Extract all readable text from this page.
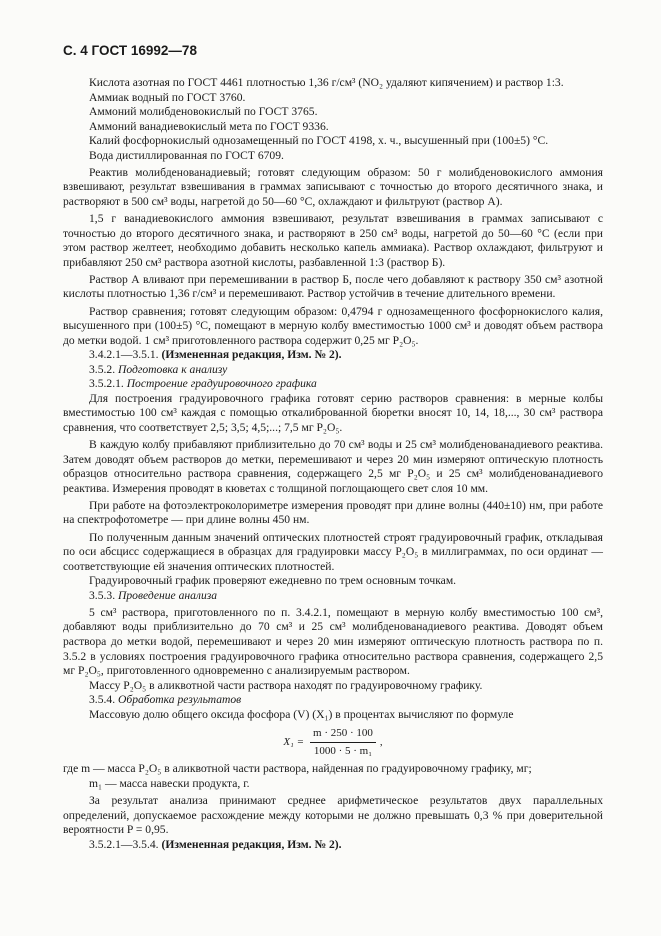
С. 4 ГОСТ 16992—78

Кислота азотная по ГОСТ 4461 плотностью 1,36 г/см³ (NO₂ удаляют кипячением) и раствор 1:3.

Аммиак водный по ГОСТ 3760.

Аммоний молибденовокислый по ГОСТ 3765.

Аммоний ванадиевокислый мета по ГОСТ 9336.

Калий фосфорнокислый однозамещенный по ГОСТ 4198, х. ч., высушенный при (100±5) °С.

Вода дистиллированная по ГОСТ 6709.

Реактив молибденованадиевый; готовят следующим образом: 50 г молибденовокислого аммония взвешивают, результат взвешивания в граммах записывают с точностью до второго десятичного знака, и растворяют в 500 см³ воды, нагретой до 50—60 °С, охлаждают и фильтруют (раствор А).

1,5 г ванадиевокислого аммония взвешивают, результат взвешивания в граммах записывают с точностью до второго десятичного знака, и растворяют в 250 см³ воды, нагретой до 50—60 °С (если при этом раствор желтеет, необходимо добавить несколько капель аммиака). Раствор охлаждают, фильтруют и прибавляют 250 см³ раствора азотной кислоты, разбавленной 1:3 (раствор Б).

Раствор А вливают при перемешивании в раствор Б, после чего добавляют к раствору 350 см³ азотной кислоты плотностью 1,36 г/см³ и перемешивают. Раствор устойчив в течение длительного времени.

Раствор сравнения; готовят следующим образом: 0,4794 г однозамещенного фосфорнокислого калия, высушенного при (100±5) °С, помещают в мерную колбу вместимостью 1000 см³ и доводят объем раствора до метки водой. 1 см³ приготовленного раствора содержит 0,25 мг P₂O₅.

3.4.2.1—3.5.1. (Измененная редакция, Изм. № 2).

3.5.2. Подготовка к анализу

3.5.2.1. Построение градуировочного графика

Для построения градуировочного графика готовят серию растворов сравнения: в мерные колбы вместимостью 100 см³ каждая с помощью откалиброванной бюретки вносят 10, 14, 18,..., 30 см³ раствора сравнения, что соответствует 2,5; 3,5; 4,5;...; 7,5 мг P₂O₅.

В каждую колбу прибавляют приблизительно до 70 см³ воды и 25 см³ молибденованадиевого реактива. Затем доводят объем растворов до метки, перемешивают и через 20 мин измеряют оптическую плотность образцов относительно раствора сравнения, содержащего 2,5 мг P₂O₅ и 25 см³ молибденованадиевого реактива. Измерения проводят в кюветах с толщиной поглощающего свет слоя 10 мм.

При работе на фотоэлектроколориметре измерения проводят при длине волны (440±10) нм, при работе на спектрофотометре — при длине волны 450 нм.

По полученным данным значений оптических плотностей строят градуировочный график, откладывая по оси абсцисс содержащиеся в образцах для градуировки массу P₂O₅ в миллиграммах, по оси ординат — соответствующие ей значения оптических плотностей.

Градуировочный график проверяют ежедневно по трем основным точкам.

3.5.3. Проведение анализа

5 см³ раствора, приготовленного по п. 3.4.2.1, помещают в мерную колбу вместимостью 100 см³, добавляют воды приблизительно до 70 см³ и 25 см³ молибденованадиевого реактива. Доводят объем раствора до метки водой, перемешивают и через 20 мин измеряют оптическую плотность раствора по п. 3.5.2 в условиях построения градуировочного графика относительно раствора сравнения, содержащего 2,5 мг P₂O₅, приготовленного одновременно с анализируемым раствором.

Массу P₂O₅ в аликвотной части раствора находят по градуировочному графику.

3.5.4. Обработка результатов

Массовую долю общего оксида фосфора (V) (X₁) в процентах вычисляют по формуле

$X_1 = \frac{m \cdot 250 \cdot 100}{\text{1000 · 5 · m₁}}$ ,

где m — масса P₂O₅ в аликвотной части раствора, найденная по градуировочному графику, мг;

m₁ — масса навески продукта, г.

За результат анализа принимают среднее арифметическое результатов двух параллельных определений, допускаемое расхождение между которыми не должно превышать 0,3 % при доверительной вероятности P = 0,95.

3.5.2.1—3.5.4. (Измененная редакция, Изм. № 2).
